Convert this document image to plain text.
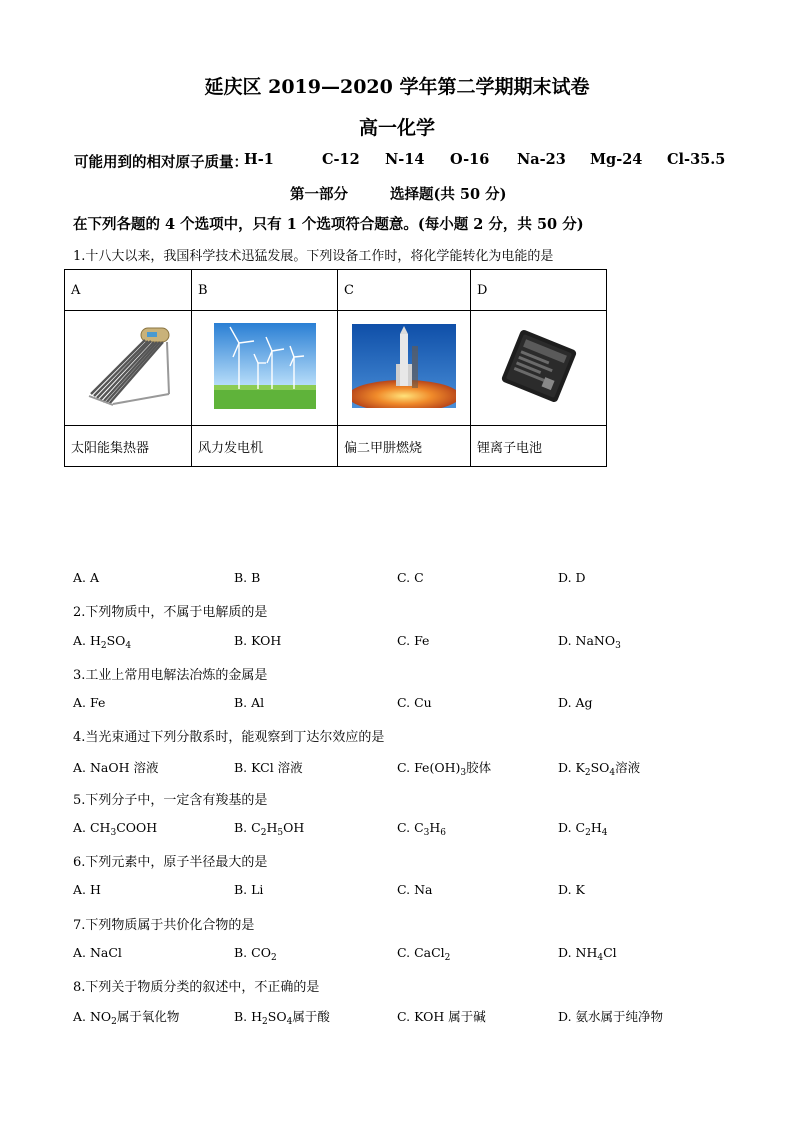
延庆区 2019—2020 学年第二学期期末试卷
高一化学
可能用到的相对原子质量：
H-1	C-12 N-14 O-16 Na-23 Mg-24 Cl-35.5
第一部分	选择题(共 50 分)
在下列各题的 4 个选项中，只有 1 个选项符合题意。(每小题 2 分，共 50 分)
1.十八大以来，我国科学技术迅猛发展。下列设备工作时，将化学能转化为电能的是
A	B	C	D

太阳能集热器	风力发电机	偏二甲肼燃烧	锂离子电池
A. A	B. B	C. C	D. D
2.下列物质中，不属于电解质的是
A. $H_2SO_4$	B. KOH	C. Fe	D. NaNO$_3$
3.工业上常用电解法冶炼的金属是
A. Fe	B. Al	C. Cu	D. Ag
4.当光束通过下列分散系时，能观察到丁达尔效应的是
A. NaOH 溶液	B. KCl 溶液	C. $Fe(OH)_3$胶体	D. $K_2SO_4$溶液
5.下列分子中，一定含有羧基的是
A. $CH_3COOH$	B. $C_2H_5OH$	C. $C_3H_6$	D. $C_2H_4$
6.下列元素中，原子半径最大的是
A. H	B. Li	C. Na	D. K
7.下列物质属于共价化合物的是
A. NaCl	B. $CO_2$	C. CaCl$_2$	D. $NH_4Cl$
8.下列关于物质分类的叙述中，不正确的是
A. $NO_2$属于氧化物	B. $H_2SO_4$属于酸	C. KOH 属于碱	D. 氨水属于纯净物
